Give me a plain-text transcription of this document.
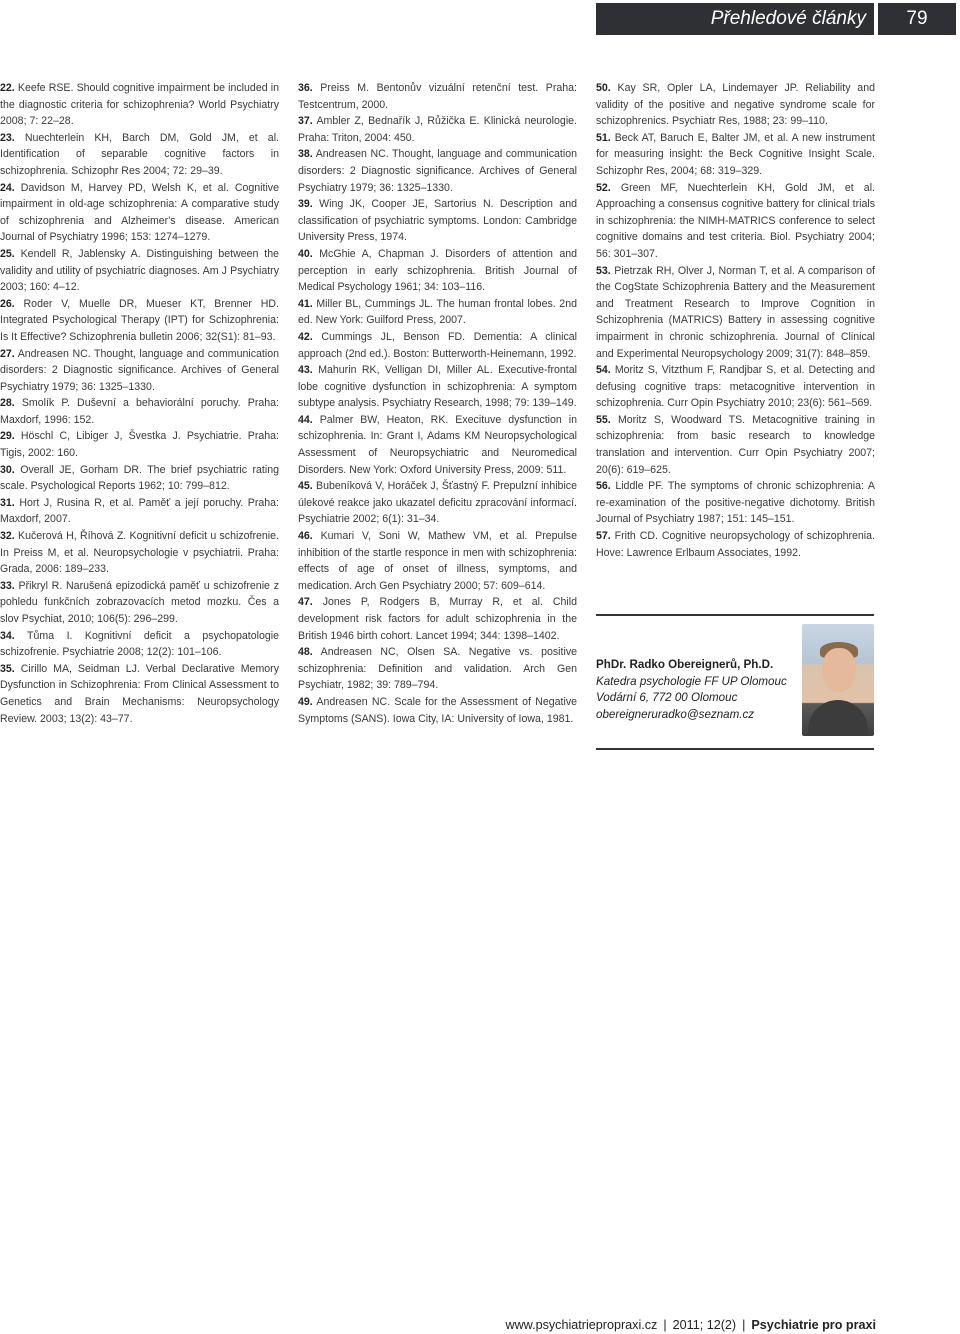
Přehledové články	79

22. Keefe RSE. Should cognitive impairment be included in the diagnostic criteria for schizophrenia? World Psychiatry 2008; 7: 22–28.

23. Nuechterlein KH, Barch DM, Gold JM, et al. Identification of separable cognitive factors in schizophrenia. Schizophr Res 2004; 72: 29–39.

24. Davidson M, Harvey PD, Welsh K, et al. Cognitive impairment in old-age schizophrenia: A comparative study of schizophrenia and Alzheimer's disease. American Journal of Psychiatry 1996; 153: 1274–1279.

25. Kendell R, Jablensky A. Distinguishing between the validity and utility of psychiatric diagnoses. Am J Psychiatry 2003; 160: 4–12.

26. Roder V, Muelle DR, Mueser KT, Brenner HD. Integrated Psychological Therapy (IPT) for Schizophrenia: Is It Effective? Schizophrenia bulletin 2006; 32(S1): 81–93.

27. Andreasen NC. Thought, language and communication disorders: 2 Diagnostic significance. Archives of General Psychiatry 1979; 36: 1325–1330.

28. Smolík P. Duševní a behaviorální poruchy. Praha: Maxdorf, 1996: 152.

29. Höschl C, Libiger J, Švestka J. Psychiatrie. Praha: Tigis, 2002: 160.

30. Overall JE, Gorham DR. The brief psychiatric rating scale. Psychological Reports 1962; 10: 799–812.

31. Hort J, Rusina R, et al. Paměť a její poruchy. Praha: Maxdorf, 2007.

32. Kučerová H, Říhová Z. Kognitivní deficit u schizofrenie. In Preiss M, et al. Neuropsychologie v psychiatrii. Praha: Grada, 2006: 189–233.

33. Přikryl R. Narušená epizodická paměť u schizofrenie z pohledu funkčních zobrazovacích metod mozku. Čes a slov Psychiat, 2010; 106(5): 296–299.

34. Tůma I. Kognitivní deficit a psychopatologie schizofrenie. Psychiatrie 2008; 12(2): 101–106.

35. Cirillo MA, Seidman LJ. Verbal Declarative Memory Dysfunction in Schizophrenia: From Clinical Assessment to Genetics and Brain Mechanisms: Neuropsychology Review. 2003; 13(2): 43–77.

36. Preiss M. Bentonův vizuální retenční test. Praha: Testcentrum, 2000.

37. Ambler Z, Bednařík J, Růžička E. Klinická neurologie. Praha: Triton, 2004: 450.

38. Andreasen NC. Thought, language and communication disorders: 2 Diagnostic significance. Archives of General Psychiatry 1979; 36: 1325–1330.

39. Wing JK, Cooper JE, Sartorius N. Description and classification of psychiatric symptoms. London: Cambridge University Press, 1974.

40. McGhie A, Chapman J. Disorders of attention and perception in early schizophrenia. British Journal of Medical Psychology 1961; 34: 103–116.

41. Miller BL, Cummings JL. The human frontal lobes. 2nd ed. New York: Guilford Press, 2007.

42. Cummings JL, Benson FD. Dementia: A clinical approach (2nd ed.). Boston: Butterworth-Heinemann, 1992.

43. Mahurin RK, Velligan DI, Miller AL. Executive-frontal lobe cognitive dysfunction in schizophrenia: A symptom subtype analysis. Psychiatry Research, 1998; 79: 139–149.

44. Palmer BW, Heaton, RK. Execituve dysfunction in schizophrenia. In: Grant I, Adams KM Neuropsychological Assessment of Neuropsychiatric and Neuromedical Disorders. New York: Oxford University Press, 2009: 511.

45. Bubeníková V, Horáček J, Šťastný F. Prepulzní inhibice úlekové reakce jako ukazatel deficitu zpracování informací. Psychiatrie 2002; 6(1): 31–34.

46. Kumari V, Soni W, Mathew VM, et al. Prepulse inhibition of the startle responce in men with schizophrenia: effects of age of onset of illness, symptoms, and medication. Arch Gen Psychiatry 2000; 57: 609–614.

47. Jones P, Rodgers B, Murray R, et al. Child development risk factors for adult schizophrenia in the British 1946 birth cohort. Lancet 1994; 344: 1398–1402.

48. Andreasen NC, Olsen SA. Negative vs. positive schizophrenia: Definition and validation. Arch Gen Psychiatr, 1982; 39: 789–794.

49. Andreasen NC. Scale for the Assessment of Negative Symptoms (SANS). Iowa City, IA: University of Iowa, 1981.

50. Kay SR, Opler LA, Lindemayer JP. Reliability and validity of the positive and negative syndrome scale for schizophrenics. Psychiatr Res, 1988; 23: 99–110.

51. Beck AT, Baruch E, Balter JM, et al. A new instrument for measuring insight: the Beck Cognitive Insight Scale. Schizophr Res, 2004; 68: 319–329.

52. Green MF, Nuechterlein KH, Gold JM, et al. Approaching a consensus cognitive battery for clinical trials in schizophrenia: the NIMH-MATRICS conference to select cognitive domains and test criteria. Biol. Psychiatry 2004; 56: 301–307.

53. Pietrzak RH, Olver J, Norman T, et al. A comparison of the CogState Schizophrenia Battery and the Measurement and Treatment Research to Improve Cognition in Schizophrenia (MATRICS) Battery in assessing cognitive impairment in chronic schizophrenia. Journal of Clinical and Experimental Neuropsychology 2009; 31(7): 848–859.

54. Moritz S, Vitzthum F, Randjbar S, et al. Detecting and defusing cognitive traps: metacognitive intervention in schizophrenia. Curr Opin Psychiatry 2010; 23(6): 561–569.

55. Moritz S, Woodward TS. Metacognitive training in schizophrenia: from basic research to knowledge translation and intervention. Curr Opin Psychiatry 2007; 20(6): 619–625.

56. Liddle PF. The symptoms of chronic schizophrenia: A re-examination of the positive-negative dichotomy. British Journal of Psychiatry 1987; 151: 145–151.

57. Frith CD. Cognitive neuropsychology of schizophrenia. Hove: Lawrence Erlbaum Associates, 1992.

PhDr. Radko Obereignerů, Ph.D.
Katedra psychologie FF UP Olomouc
Vodární 6, 772 00 Olomouc
obereigneruradko@seznam.cz
www.psychiatriepropraxi.cz | 2011; 12(2) | Psychiatrie pro praxi
